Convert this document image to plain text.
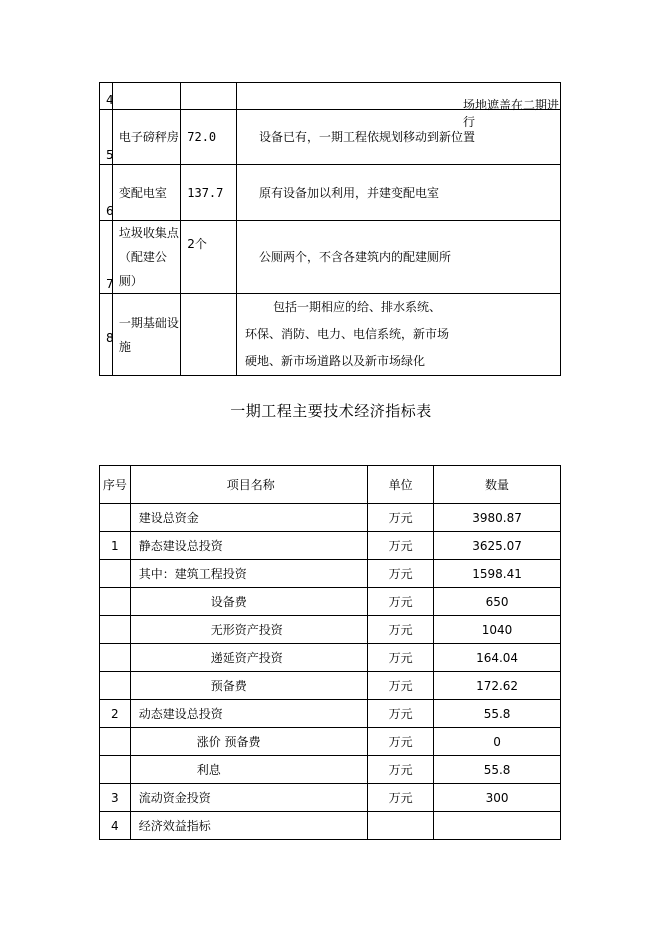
4			场地遮盖在二期进行

5	电子磅秤房	72.0	设备已有，一期工程依规划移动到新位置

6	变配电室	137.7	原有设备加以利用，并建变配电室

7	垃圾收集点
（配建公厕）	2个	公厕两个，不含各建筑内的配建厕所

8	一期基础设施		包括一期相应的给、排水系统、
环保、消防、电力、电信系统，新市场
硬地、新市场道路以及新市场绿化
一期工程主要技术经济指标表
序号	项目名称	单位	数量
	建设总资金	万元	3980.87
1	静态建设总投资	万元	3625.07
	其中：建筑工程投资	万元	1598.41
	设备费	万元	650
	无形资产投资	万元	1040
	递延资产投资	万元	164.04
	预备费	万元	172.62
2	动态建设总投资	万元	55.8
	涨价 预备费	万元	0
	利息	万元	55.8
3	流动资金投资	万元	300
4	经济效益指标		
